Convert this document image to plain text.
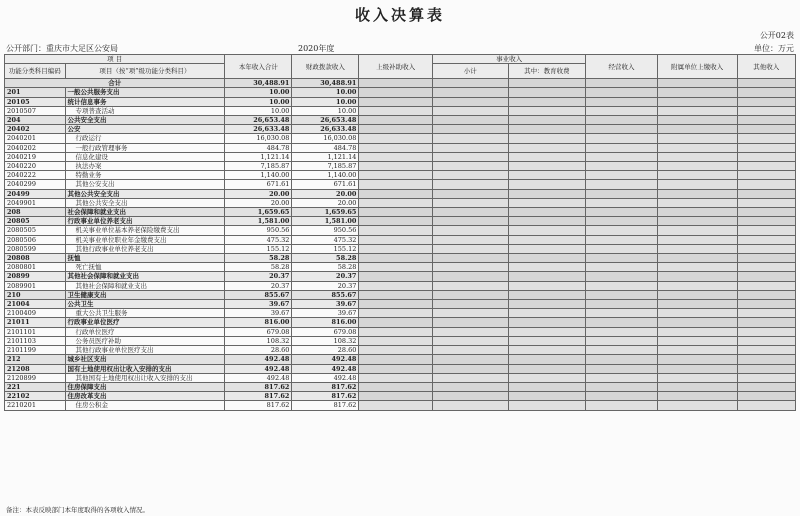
收入决算表
公开02表
公开部门：重庆市大足区公安局	2020年度	单位：万元
项 目		本年收入合计	财政拨款收入	上级补助收入	事业收入		经营收入	附属单位上缴收入	其他收入
功能分类科目编码	项目（按“项”级功能分类科目）								
					小计	其中：教育收费			
合计		30,488.91	30,488.91						
201	一般公共服务支出	10.00	10.00						
20105	统计信息事务	10.00	10.00						
2010507	专项普查活动	10.00	10.00						
204	公共安全支出	26,653.48	26,653.48						
20402	公安	26,633.48	26,633.48						
2040201	行政运行	16,030.08	16,030.08						
2040202	一般行政管理事务	484.78	484.78						
2040219	信息化建设	1,121.14	1,121.14						
2040220	执法办案	7,185.87	7,185.87						
2040222	特勤业务	1,140.00	1,140.00						
2040299	其他公安支出	671.61	671.61						
20499	其他公共安全支出	20.00	20.00						
2049901	其他公共安全支出	20.00	20.00						
208	社会保障和就业支出	1,659.65	1,659.65						
20805	行政事业单位养老支出	1,581.00	1,581.00						
2080505	机关事业单位基本养老保险缴费支出	950.56	950.56						
2080506	机关事业单位职业年金缴费支出	475.32	475.32						
2080599	其他行政事业单位养老支出	155.12	155.12						
20808	抚恤	58.28	58.28						
2080801	死亡抚恤	58.28	58.28						
20899	其他社会保障和就业支出	20.37	20.37						
2089901	其他社会保障和就业支出	20.37	20.37						
210	卫生健康支出	855.67	855.67						
21004	公共卫生	39.67	39.67						
2100409	重大公共卫生服务	39.67	39.67						
21011	行政事业单位医疗	816.00	816.00						
2101101	行政单位医疗	679.08	679.08						
2101103	公务员医疗补助	108.32	108.32						
2101199	其他行政事业单位医疗支出	28.60	28.60						
212	城乡社区支出	492.48	492.48						
21208	国有土地使用权出让收入安排的支出	492.48	492.48						
2120899	其他国有土地使用权出让收入安排的支出	492.48	492.48						
221	住房保障支出	817.62	817.62						
22102	住房改革支出	817.62	817.62						
2210201	住房公积金	817.62	817.62						
备注：本表反映部门本年度取得的各项收入情况。
